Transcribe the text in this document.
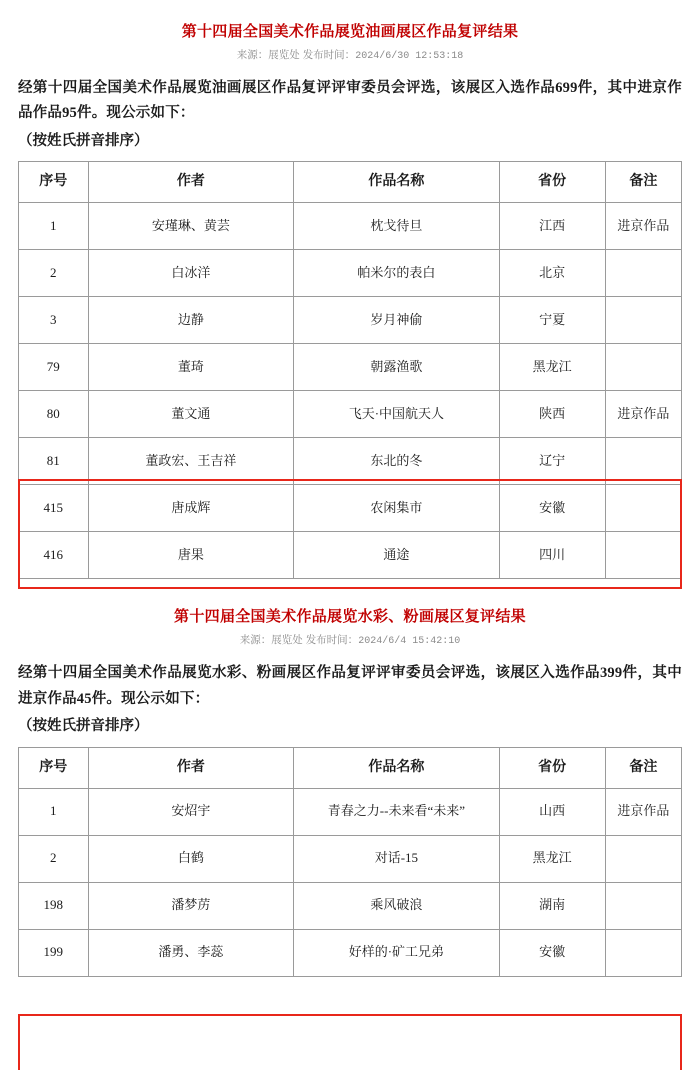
第十四届全国美术作品展览油画展区作品复评结果
来源：展览处 发布时间：2024/6/30 12:53:18

经第十四届全国美术作品展览油画展区作品复评评审委员会评选，该展区入选作品699件，其中进京作品作品95件。现公示如下：

（按姓氏拼音排序）

序号	作者	作品名称	省份	备注
1	安瑾琳、黄芸	枕戈待旦	江西	进京作品
2	白冰洋	帕米尔的表白	北京	
3	边静	岁月神偷	宁夏	
79	董琦	朝露渔歌	黑龙江	
80	董文通	飞天·中国航天人	陕西	进京作品
81	董政宏、王吉祥	东北的冬	辽宁	
415	唐成辉	农闲集市	安徽	
416	唐果	通途	四川	
第十四届全国美术作品展览水彩、粉画展区复评结果
来源：展览处 发布时间：2024/6/4 15:42:10

经第十四届全国美术作品展览水彩、粉画展区作品复评评审委员会评选，该展区入选作品399件，其中进京作品45件。现公示如下：

（按姓氏拼音排序）

序号	作者	作品名称	省份	备注
1	安炤宇	青春之力--未来看“未来”	山西	进京作品
2	白鹤	对话-15	黑龙江	
198	潘梦苈	乘风破浪	湖南	
199	潘勇、李蕊	好样的·矿工兄弟	安徽	
